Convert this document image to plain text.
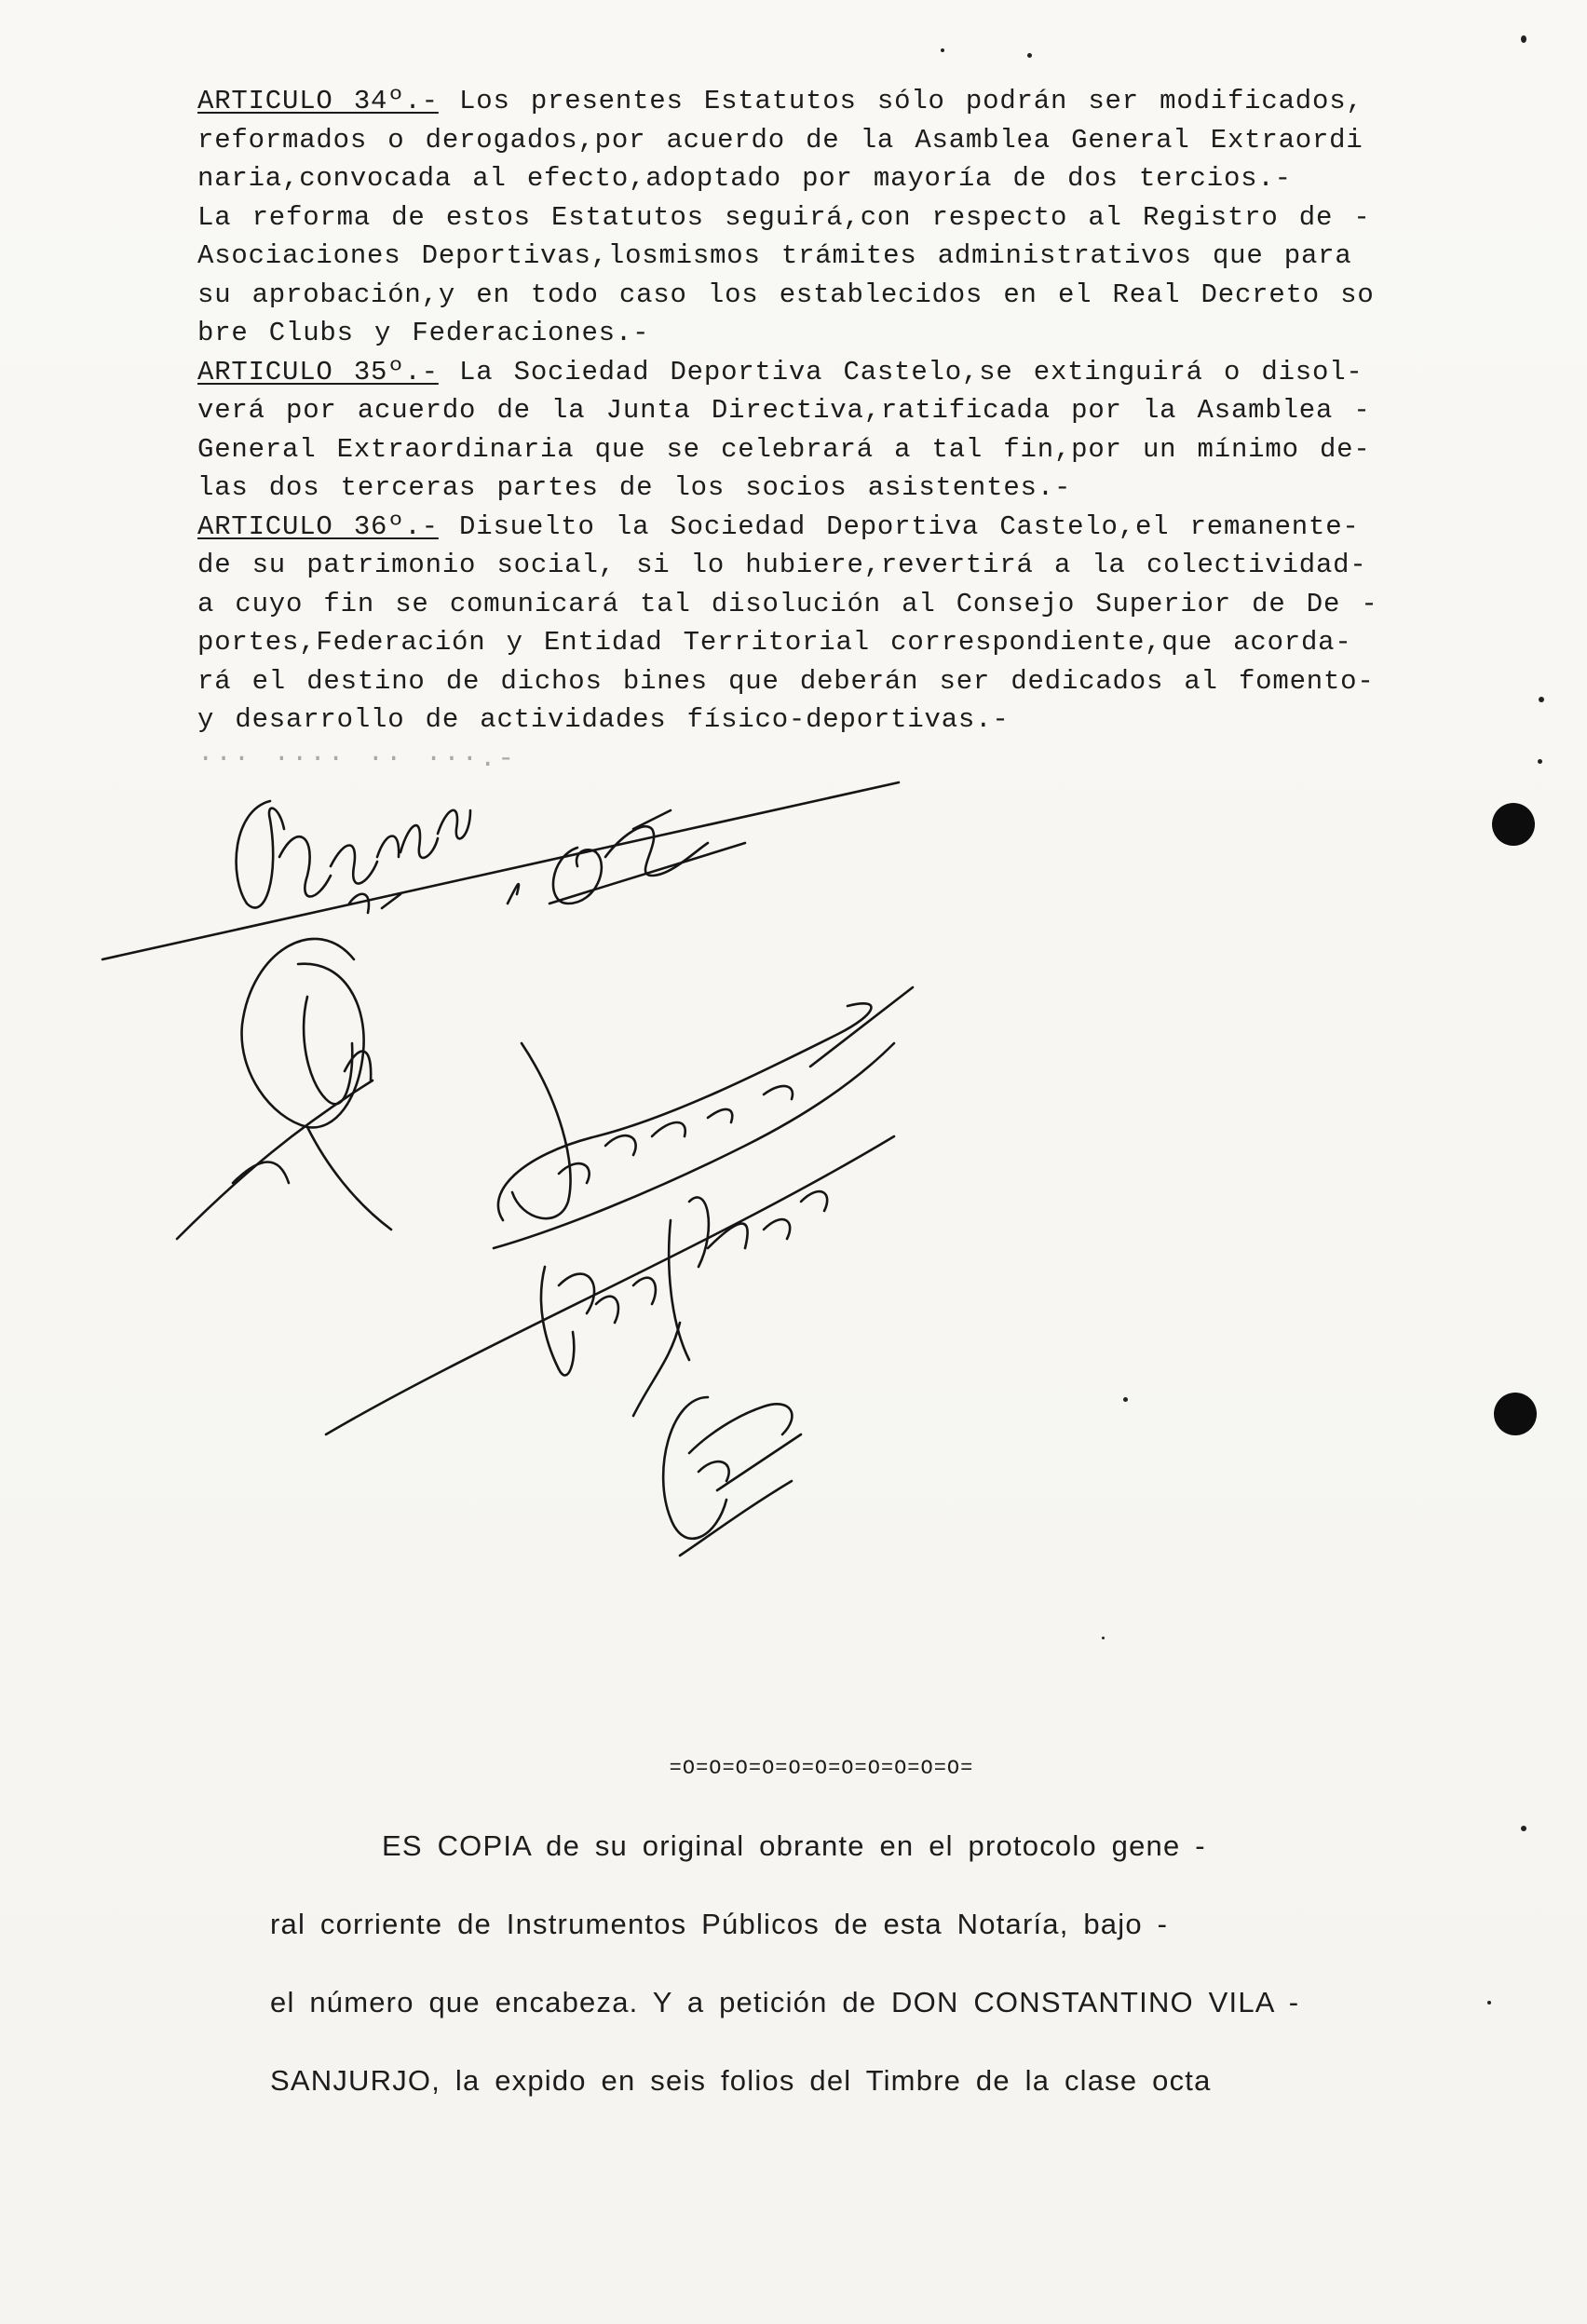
ARTICULO 34º.- Los presentes Estatutos sólo podrán ser modificados,
reformados o derogados,por acuerdo de la Asamblea General Extraordi
naria,convocada al efecto,adoptado por mayoría de dos tercios.-
La reforma de estos Estatutos seguirá,con respecto al Registro de -
Asociaciones Deportivas,losmismos trámites administrativos que para
su aprobación,y en todo caso los establecidos en el Real Decreto so
bre Clubs y Federaciones.-
ARTICULO 35º.- La Sociedad Deportiva Castelo,se extinguirá o disol-
verá por acuerdo de la Junta Directiva,ratificada por la Asamblea -
General Extraordinaria que se celebrará a tal fin,por un mínimo de-
las dos terceras partes de los socios asistentes.-
ARTICULO 36º.- Disuelto la Sociedad Deportiva Castelo,el remanente-
de su patrimonio social, si lo hubiere,revertirá a la colectividad-
a cuyo fin se comunicará tal disolución al Consejo Superior de De -
portes,Federación y Entidad Territorial correspondiente,que acorda-
rá el destino de dichos bines que deberán ser dedicados al fomento-
y desarrollo de actividades físico-deportivas.-
··· ···· ·· ···.-
=O=O=O=O=O=O=O=O=O=O=O=
ES COPIA de su original obrante en el protocolo gene -
ral corriente de Instrumentos Públicos de esta Notaría, bajo -
el número que encabeza. Y a petición de DON CONSTANTINO VILA -
SANJURJO, la expido en seis folios del Timbre de la clase octa
